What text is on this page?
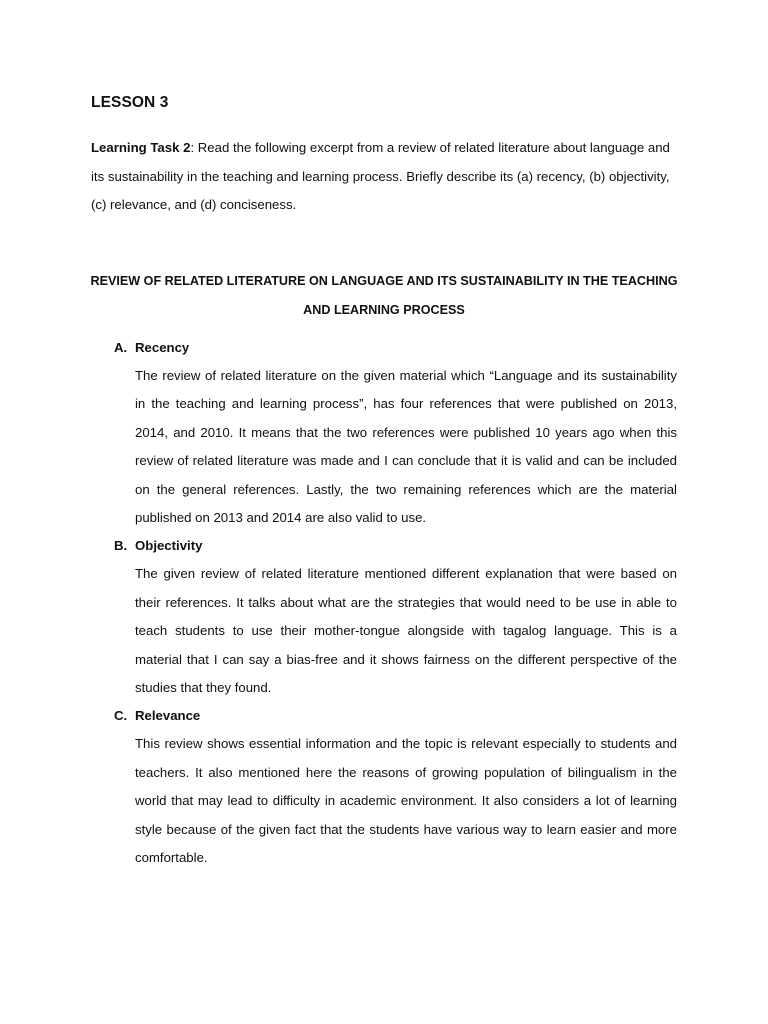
LESSON 3

Learning Task 2: Read the following excerpt from a review of related literature about language and its sustainability in the teaching and learning process. Briefly describe its (a) recency, (b) objectivity, (c) relevance, and (d) conciseness.

REVIEW OF RELATED LITERATURE ON LANGUAGE AND ITS SUSTAINABILITY IN THE TEACHING AND LEARNING PROCESS
A. Recency

The review of related literature on the given material which “Language and its sustainability in the teaching and learning process”, has four references that were published on 2013, 2014, and 2010. It means that the two references were published 10 years ago when this review of related literature was made and I can conclude that it is valid and can be included on the general references. Lastly, the two remaining references which are the material published on 2013 and 2014 are also valid to use.

B. Objectivity

The given review of related literature mentioned different explanation that were based on their references. It talks about what are the strategies that would need to be use in able to teach students to use their mother-tongue alongside with tagalog language. This is a material that I can say a bias-free and it shows fairness on the different perspective of the studies that they found.

C. Relevance

This review shows essential information and the topic is relevant especially to students and teachers. It also mentioned here the reasons of growing population of bilingualism in the world that may lead to difficulty in academic environment. It also considers a lot of learning style because of the given fact that the students have various way to learn easier and more comfortable.
